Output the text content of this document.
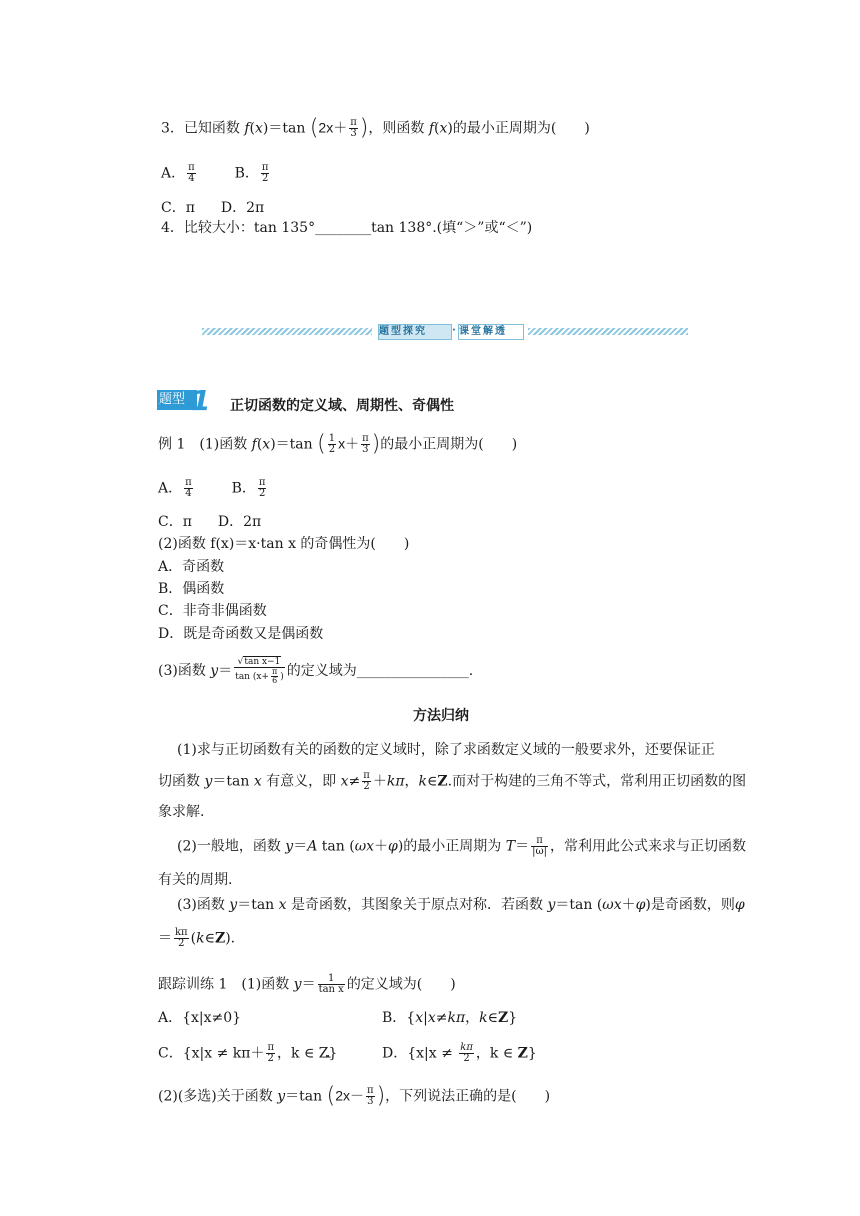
3．已知函数 f(x)＝tan ($2x+ \frac{\pi}{3}$ )，则函数 f(x)的最小正周期为(　　)
A． $\frac{\pi}{4}$	B． $\frac{\pi}{2}$
C．π D．2π
4．比较大小：tan 135°________tan 138°.(填“＞”或“＜”)
题型探究	· 课堂解透
题型 1 正切函数的定义域、周期性、奇偶性
例 1　(1)函数 f(x)＝tan ( $\frac{1}{2} x+ \frac{\pi}{3}$ )的最小正周期为(　　)
A． $\frac{\pi}{4}$	B． $\frac{\pi}{2}$
C．π D．2π
(2)函数 f(x)＝x·tan x 的奇偶性为(　　)
A．奇函数
B．偶函数
C．非奇非偶函数
D．既是奇函数又是偶函数
(3)函数 $y= \frac{\text{√tan x−1}}{\tan (x+ \frac{\pi}{6} )}$ 的定义域为________________.
方法归纳
(1)求与正切函数有关的函数的定义域时，除了求函数定义域的一般要求外，还要保证正
切函数 y＝tan x 有意义，即 $x\ne \frac{\pi}{2} +k\pi$，k∈Z.而对于构建的三角不等式，常利用正切函数的图
象求解.
(2)一般地，函数 y＝A tan (ωx＋φ)的最小正周期为 $T= \frac{\pi}{|\omega|}$ ，常利用此公式来求与正切函数
有关的周期.
(3)函数 y＝tan x 是奇函数，其图象关于原点对称．若函数 y＝tan (ωx＋φ)是奇函数，则φ
＝ $\frac{k\pi}{2}$ (k∈Z).
跟踪训练 1　(1)函数 $y= \frac{1}{\text{tan x}}$ 的定义域为(　　)
A．{x|x≠0}	B．{x|x≠kπ，k∈Z}
C．{$x|x \ne k\pi+ \frac{\pi}{2}$ ，k ∈ Z꜡}	D．{$x|x \ne \frac{k\pi}{2}$ ，k ∈ Z}
(2)(多选)关于函数 y＝tan ($2x- \frac{\pi}{3}$ )，下列说法正确的是(　　)
